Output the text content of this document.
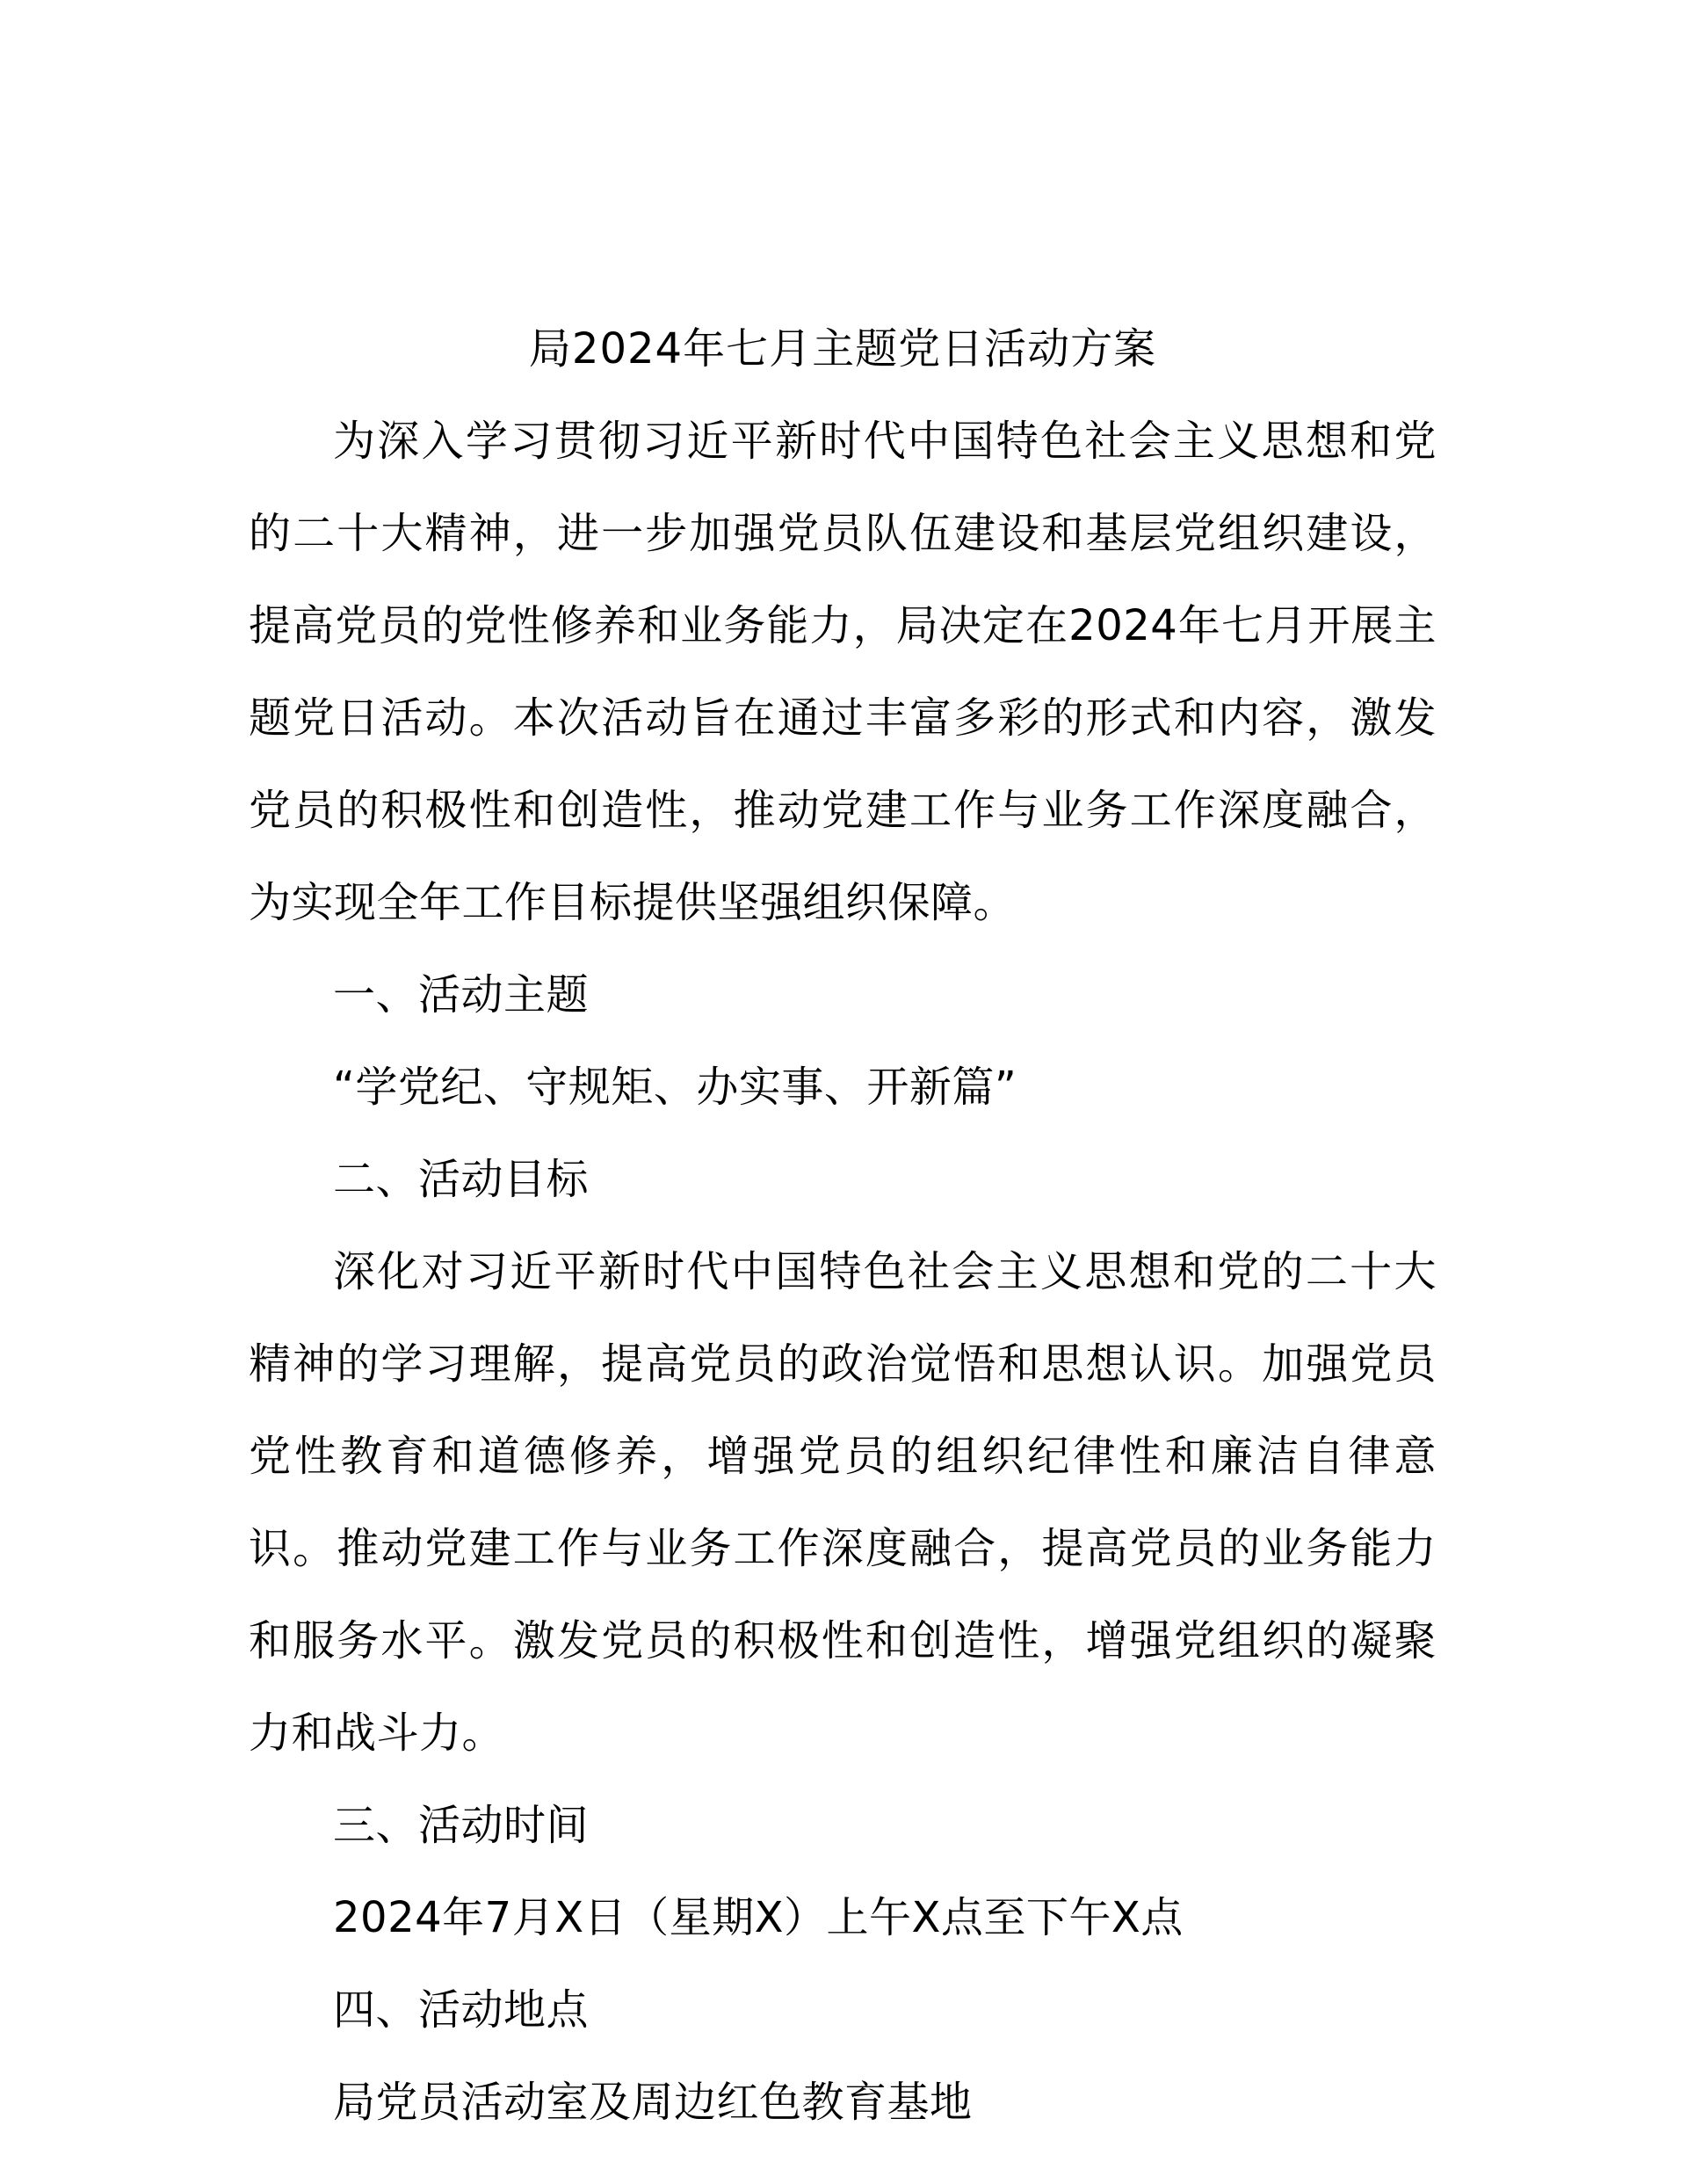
局2024年七月主题党日活动方案

为深入学习贯彻习近平新时代中国特色社会主义思想和党的二十大精神，进一步加强党员队伍建设和基层党组织建设，提高党员的党性修养和业务能力，局决定在2024年七月开展主题党日活动。本次活动旨在通过丰富多彩的形式和内容，激发党员的积极性和创造性，推动党建工作与业务工作深度融合，为实现全年工作目标提供坚强组织保障。

一、活动主题

“学党纪、守规矩、办实事、开新篇”

二、活动目标

深化对习近平新时代中国特色社会主义思想和党的二十大精神的学习理解，提高党员的政治觉悟和思想认识。加强党员党性教育和道德修养，增强党员的组织纪律性和廉洁自律意识。推动党建工作与业务工作深度融合，提高党员的业务能力和服务水平。激发党员的积极性和创造性，增强党组织的凝聚力和战斗力。

三、活动时间

2024年7月X日（星期X）上午X点至下午X点

四、活动地点

局党员活动室及周边红色教育基地
